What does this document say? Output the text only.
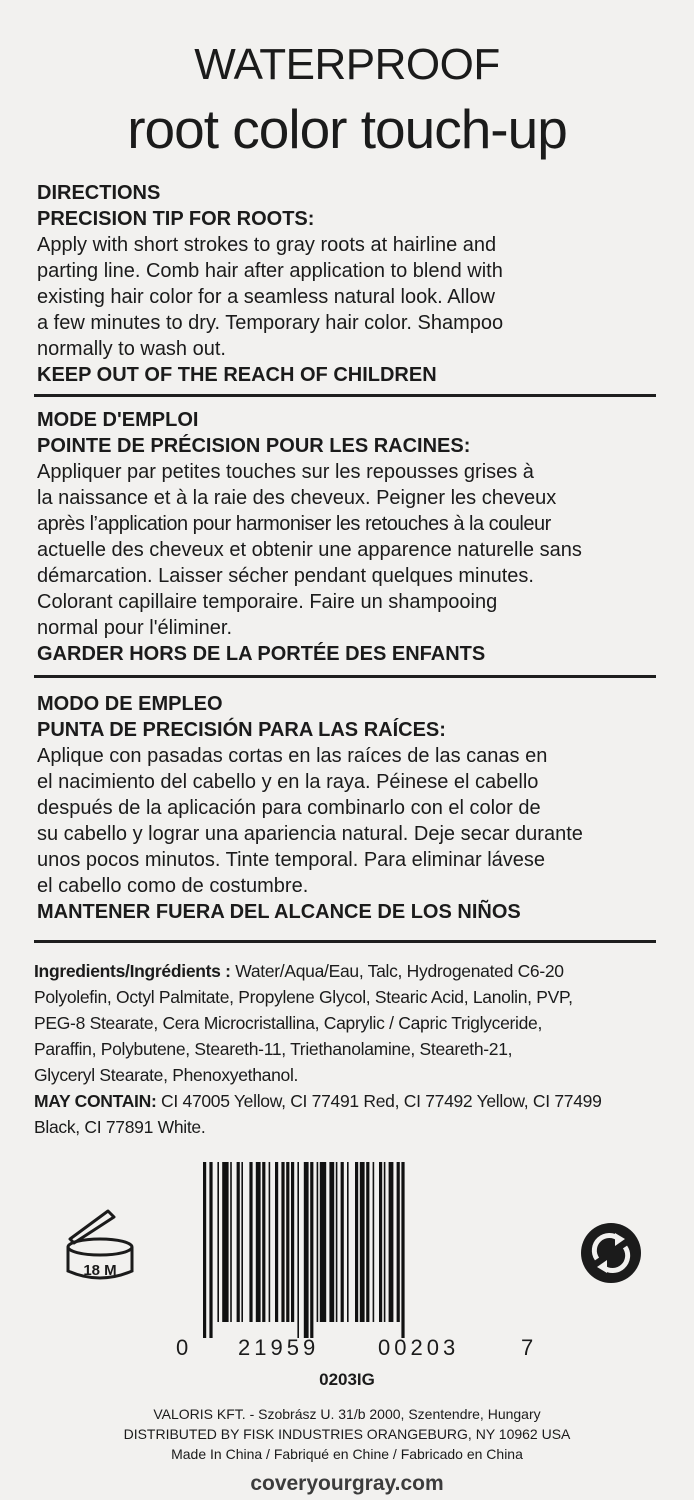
WATERPROOF
root color touch-up
DIRECTIONS
PRECISION TIP FOR ROOTS:
Apply with short strokes to gray roots at hairline and
parting line. Comb hair after application to blend with
existing hair color for a seamless natural look. Allow
a few minutes to dry. Temporary hair color. Shampoo
normally to wash out.
KEEP OUT OF THE REACH OF CHILDREN
MODE D'EMPLOI
POINTE DE PRÉCISION POUR LES RACINES:
Appliquer par petites touches sur les repousses grises à
la naissance et à la raie des cheveux. Peigner les cheveux
après l’application pour harmoniser les retouches à la couleur
actuelle des cheveux et obtenir une apparence naturelle sans
démarcation. Laisser sécher pendant quelques minutes.
Colorant capillaire temporaire. Faire un shampooing
normal pour l'éliminer.
GARDER HORS DE LA PORTÉE DES ENFANTS
MODO DE EMPLEO
PUNTA DE PRECISIÓN PARA LAS RAÍCES:
Aplique con pasadas cortas en las raíces de las canas en
el nacimiento del cabello y en la raya. Péinese el cabello
después de la aplicación para combinarlo con el color de
su cabello y lograr una apariencia natural. Deje secar durante
unos pocos minutos. Tinte temporal. Para eliminar lávese
el cabello como de costumbre.
MANTENER FUERA DEL ALCANCE DE LOS NIÑOS
Ingredients/Ingrédients : Water/Aqua/Eau, Talc, Hydrogenated C6-20
Polyolefin, Octyl Palmitate, Propylene Glycol, Stearic Acid, Lanolin, PVP,
PEG-8 Stearate, Cera Microcristallina, Caprylic / Capric Triglyceride,
Paraffin, Polybutene, Steareth-11, Triethanolamine, Steareth-21,
Glyceryl Stearate, Phenoxyethanol.
MAY CONTAIN: CI 47005 Yellow, CI 77491 Red, CI 77492 Yellow, CI 77499
Black, CI 77891 White.
18 M
0 21959	00203	7
0203IG
VALORIS KFT. - Szobrász U. 31/b 2000, Szentendre, Hungary
DISTRIBUTED BY FISK INDUSTRIES ORANGEBURG, NY 10962 USA
Made In China / Fabriqué en Chine / Fabricado en China
coveryourgray.com
